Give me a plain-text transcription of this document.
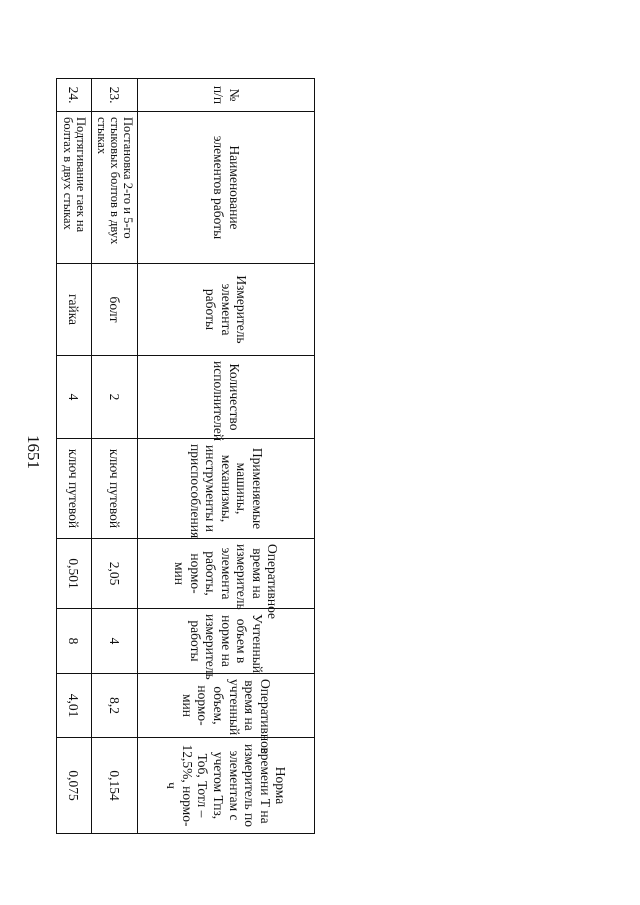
1651
№ п/п	Наименование элементов работы	Измеритель элемента работы	Количество исполнителей	Применяемые машины, механизмы, инструменты и приспособления	Оперативное время на измеритель элемента работы, нормо-мин	Учтенный объем в норме на измеритель работы	Оперативное время на учтенный объем, нормо-мин	Норма времени Т на измеритель по элементам с учетом Тпз, Тоб, Тотл – 12,5%, нормо-ч
23.	Постановка 2-го и 5-го стыковых болтов в двух стыках	болт	2	ключ путевой	2,05	4	8,2	0,154
24.	Подтягивание гаек на болтах в двух стыках	гайка	4	ключ путевой	0,501	8	4,01	0,075
